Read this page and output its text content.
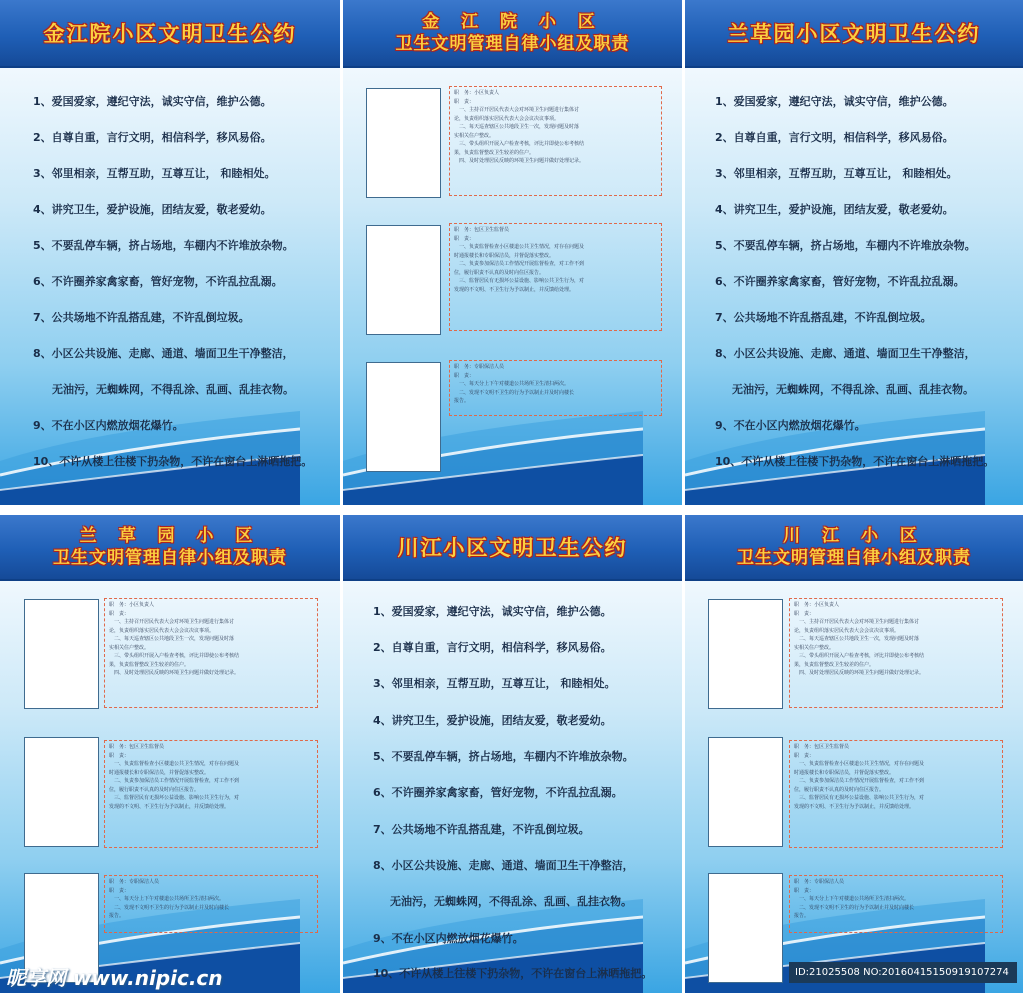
金江院小区文明卫生公约
1、爱国爱家，遵纪守法，诚实守信，维护公德。
2、自尊自重，言行文明，相信科学，移风易俗。
3、邻里相亲，互帮互助，互尊互让， 和睦相处。
4、讲究卫生，爱护设施，团结友爱，敬老爱幼。
5、不要乱停车辆，挤占场地，车棚内不许堆放杂物。
6、不许圈养家禽家畜，管好宠物，不许乱拉乱溺。
7、公共场地不许乱搭乱建，不许乱倒垃圾。
8、小区公共设施、走廊、通道、墙面卫生干净整洁，
无油污，无蜘蛛网，不得乱涂、乱画、乱挂衣物。
9、不在小区内燃放烟花爆竹。
10、不许从楼上往楼下扔杂物，不许在窗台上淋晒拖把。
金 江 院 小 区
卫生文明管理自律小组及职责
职　务：小区负责人
职　责：
　一、主持召开居民代表大会对环境卫生问题进行集体讨
论，负责组织落实居民代表大会会议决议事项。
　二、每天巡查辖区公共地段卫生一次，发现问题及时落
实相关住户整改。
　三、带头组织开展入户检查考核，评比并即使公布考核结
果，负责监督整改卫生较差的住户。
　四、及时处理居民反映的环境卫生问题并做好处理记录。
职　务：包区卫生监督员
职　责：
　一、负责监督检查小区楼道公共卫生情况，对存在问题及
时通报楼长和专职保洁员，并督促落实整改。
　二、负责参加保洁员工作情况开展监督检查，对工作不到
位，履行职责不认真的及时向住区报告。
　三、监督居民有无损坏公益设施、影响公共卫生行为，对
发现的不文明、不卫生行为予以制止，并反馈给处理。
职　务：专职保洁人员
职　责：
　一、每天分上下午对楼道公共场所卫生清扫两次。
　二、发现不文明不卫生的行为予以制止并及时向楼长
报告。
兰草园小区文明卫生公约
1、爱国爱家，遵纪守法，诚实守信，维护公德。
2、自尊自重，言行文明，相信科学，移风易俗。
3、邻里相亲，互帮互助，互尊互让， 和睦相处。
4、讲究卫生，爱护设施，团结友爱，敬老爱幼。
5、不要乱停车辆，挤占场地，车棚内不许堆放杂物。
6、不许圈养家禽家畜，管好宠物，不许乱拉乱溺。
7、公共场地不许乱搭乱建，不许乱倒垃圾。
8、小区公共设施、走廊、通道、墙面卫生干净整洁，
无油污，无蜘蛛网，不得乱涂、乱画、乱挂衣物。
9、不在小区内燃放烟花爆竹。
10、不许从楼上往楼下扔杂物，不许在窗台上淋晒拖把。
兰 草 园 小 区
卫生文明管理自律小组及职责
职　务：小区负责人
职　责：
　一、主持召开居民代表大会对环境卫生问题进行集体讨
论，负责组织落实居民代表大会会议决议事项。
　二、每天巡查辖区公共地段卫生一次，发现问题及时落
实相关住户整改。
　三、带头组织开展入户检查考核，评比并即使公布考核结
果，负责监督整改卫生较差的住户。
　四、及时处理居民反映的环境卫生问题并做好处理记录。
职　务：包区卫生监督员
职　责：
　一、负责监督检查小区楼道公共卫生情况，对存在问题及
时通报楼长和专职保洁员，并督促落实整改。
　二、负责参加保洁员工作情况开展监督检查，对工作不到
位，履行职责不认真的及时向住区报告。
　三、监督居民有无损坏公益设施、影响公共卫生行为，对
发现的不文明、不卫生行为予以制止，并反馈给处理。
职　务：专职保洁人员
职　责：
　一、每天分上下午对楼道公共场所卫生清扫两次。
　二、发现不文明不卫生的行为予以制止并及时向楼长
报告。
川江小区文明卫生公约
1、爱国爱家，遵纪守法，诚实守信，维护公德。
2、自尊自重，言行文明，相信科学，移风易俗。
3、邻里相亲，互帮互助，互尊互让， 和睦相处。
4、讲究卫生，爱护设施，团结友爱，敬老爱幼。
5、不要乱停车辆，挤占场地，车棚内不许堆放杂物。
6、不许圈养家禽家畜，管好宠物，不许乱拉乱溺。
7、公共场地不许乱搭乱建，不许乱倒垃圾。
8、小区公共设施、走廊、通道、墙面卫生干净整洁，
无油污，无蜘蛛网，不得乱涂、乱画、乱挂衣物。
9、不在小区内燃放烟花爆竹。
10、不许从楼上往楼下扔杂物，不许在窗台上淋晒拖把。
川 江 小 区
卫生文明管理自律小组及职责
职　务：小区负责人
职　责：
　一、主持召开居民代表大会对环境卫生问题进行集体讨
论，负责组织落实居民代表大会会议决议事项。
　二、每天巡查辖区公共地段卫生一次，发现问题及时落
实相关住户整改。
　三、带头组织开展入户检查考核，评比并即使公布考核结
果，负责监督整改卫生较差的住户。
　四、及时处理居民反映的环境卫生问题并做好处理记录。
职　务：包区卫生监督员
职　责：
　一、负责监督检查小区楼道公共卫生情况，对存在问题及
时通报楼长和专职保洁员，并督促落实整改。
　二、负责参加保洁员工作情况开展监督检查，对工作不到
位，履行职责不认真的及时向住区报告。
　三、监督居民有无损坏公益设施、影响公共卫生行为，对
发现的不文明、不卫生行为予以制止，并反馈给处理。
职　务：专职保洁人员
职　责：
　一、每天分上下午对楼道公共场所卫生清扫两次。
　二、发现不文明不卫生的行为予以制止并及时向楼长
报告。
昵享网 www.nipic.cn	ID:21025508 NO:20160415150919107274
